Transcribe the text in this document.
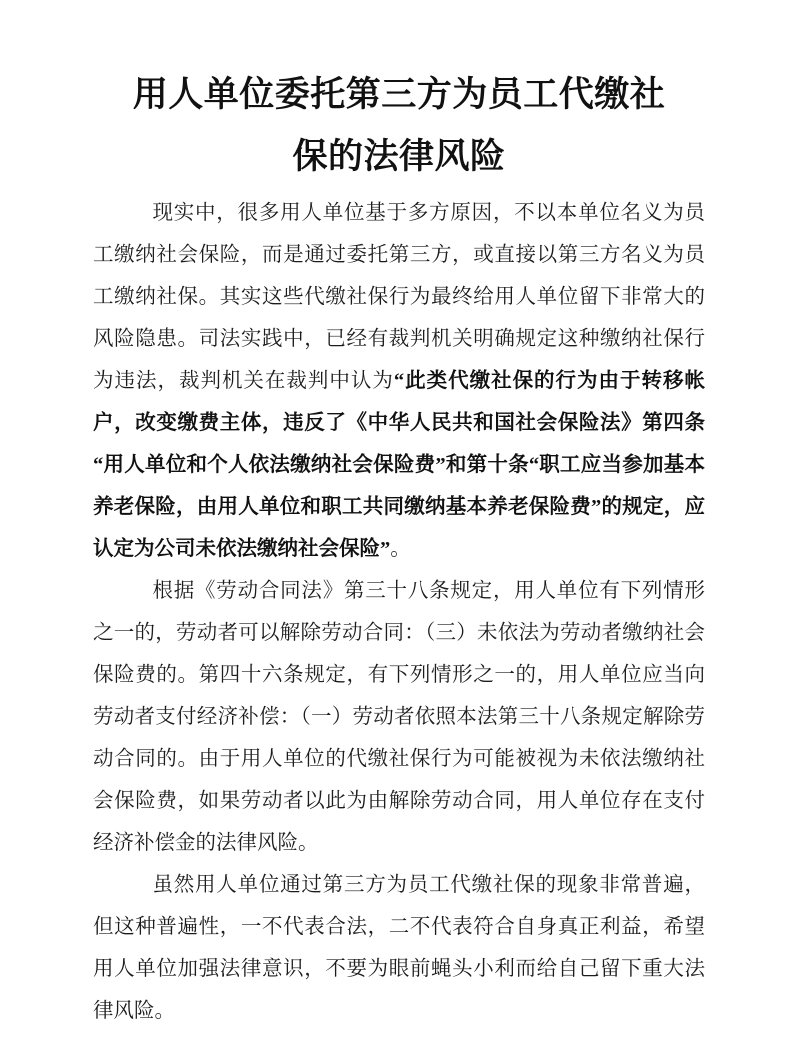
用人单位委托第三方为员工代缴社保的法律风险

现实中，很多用人单位基于多方原因，不以本单位名义为员工缴纳社会保险，而是通过委托第三方，或直接以第三方名义为员工缴纳社保。其实这些代缴社保行为最终给用人单位留下非常大的风险隐患。司法实践中，已经有裁判机关明确规定这种缴纳社保行为违法，裁判机关在裁判中认为“此类代缴社保的行为由于转移帐户，改变缴费主体，违反了《中华人民共和国社会保险法》第四条“用人单位和个人依法缴纳社会保险费”和第十条“职工应当参加基本养老保险，由用人单位和职工共同缴纳基本养老保险费”的规定，应认定为公司未依法缴纳社会保险”。

根据《劳动合同法》第三十八条规定，用人单位有下列情形之一的，劳动者可以解除劳动合同：（三）未依法为劳动者缴纳社会保险费的。第四十六条规定，有下列情形之一的，用人单位应当向劳动者支付经济补偿：（一）劳动者依照本法第三十八条规定解除劳动合同的。由于用人单位的代缴社保行为可能被视为未依法缴纳社会保险费，如果劳动者以此为由解除劳动合同，用人单位存在支付经济补偿金的法律风险。

虽然用人单位通过第三方为员工代缴社保的现象非常普遍，但这种普遍性，一不代表合法，二不代表符合自身真正利益，希望用人单位加强法律意识，不要为眼前蝇头小利而给自己留下重大法律风险。
